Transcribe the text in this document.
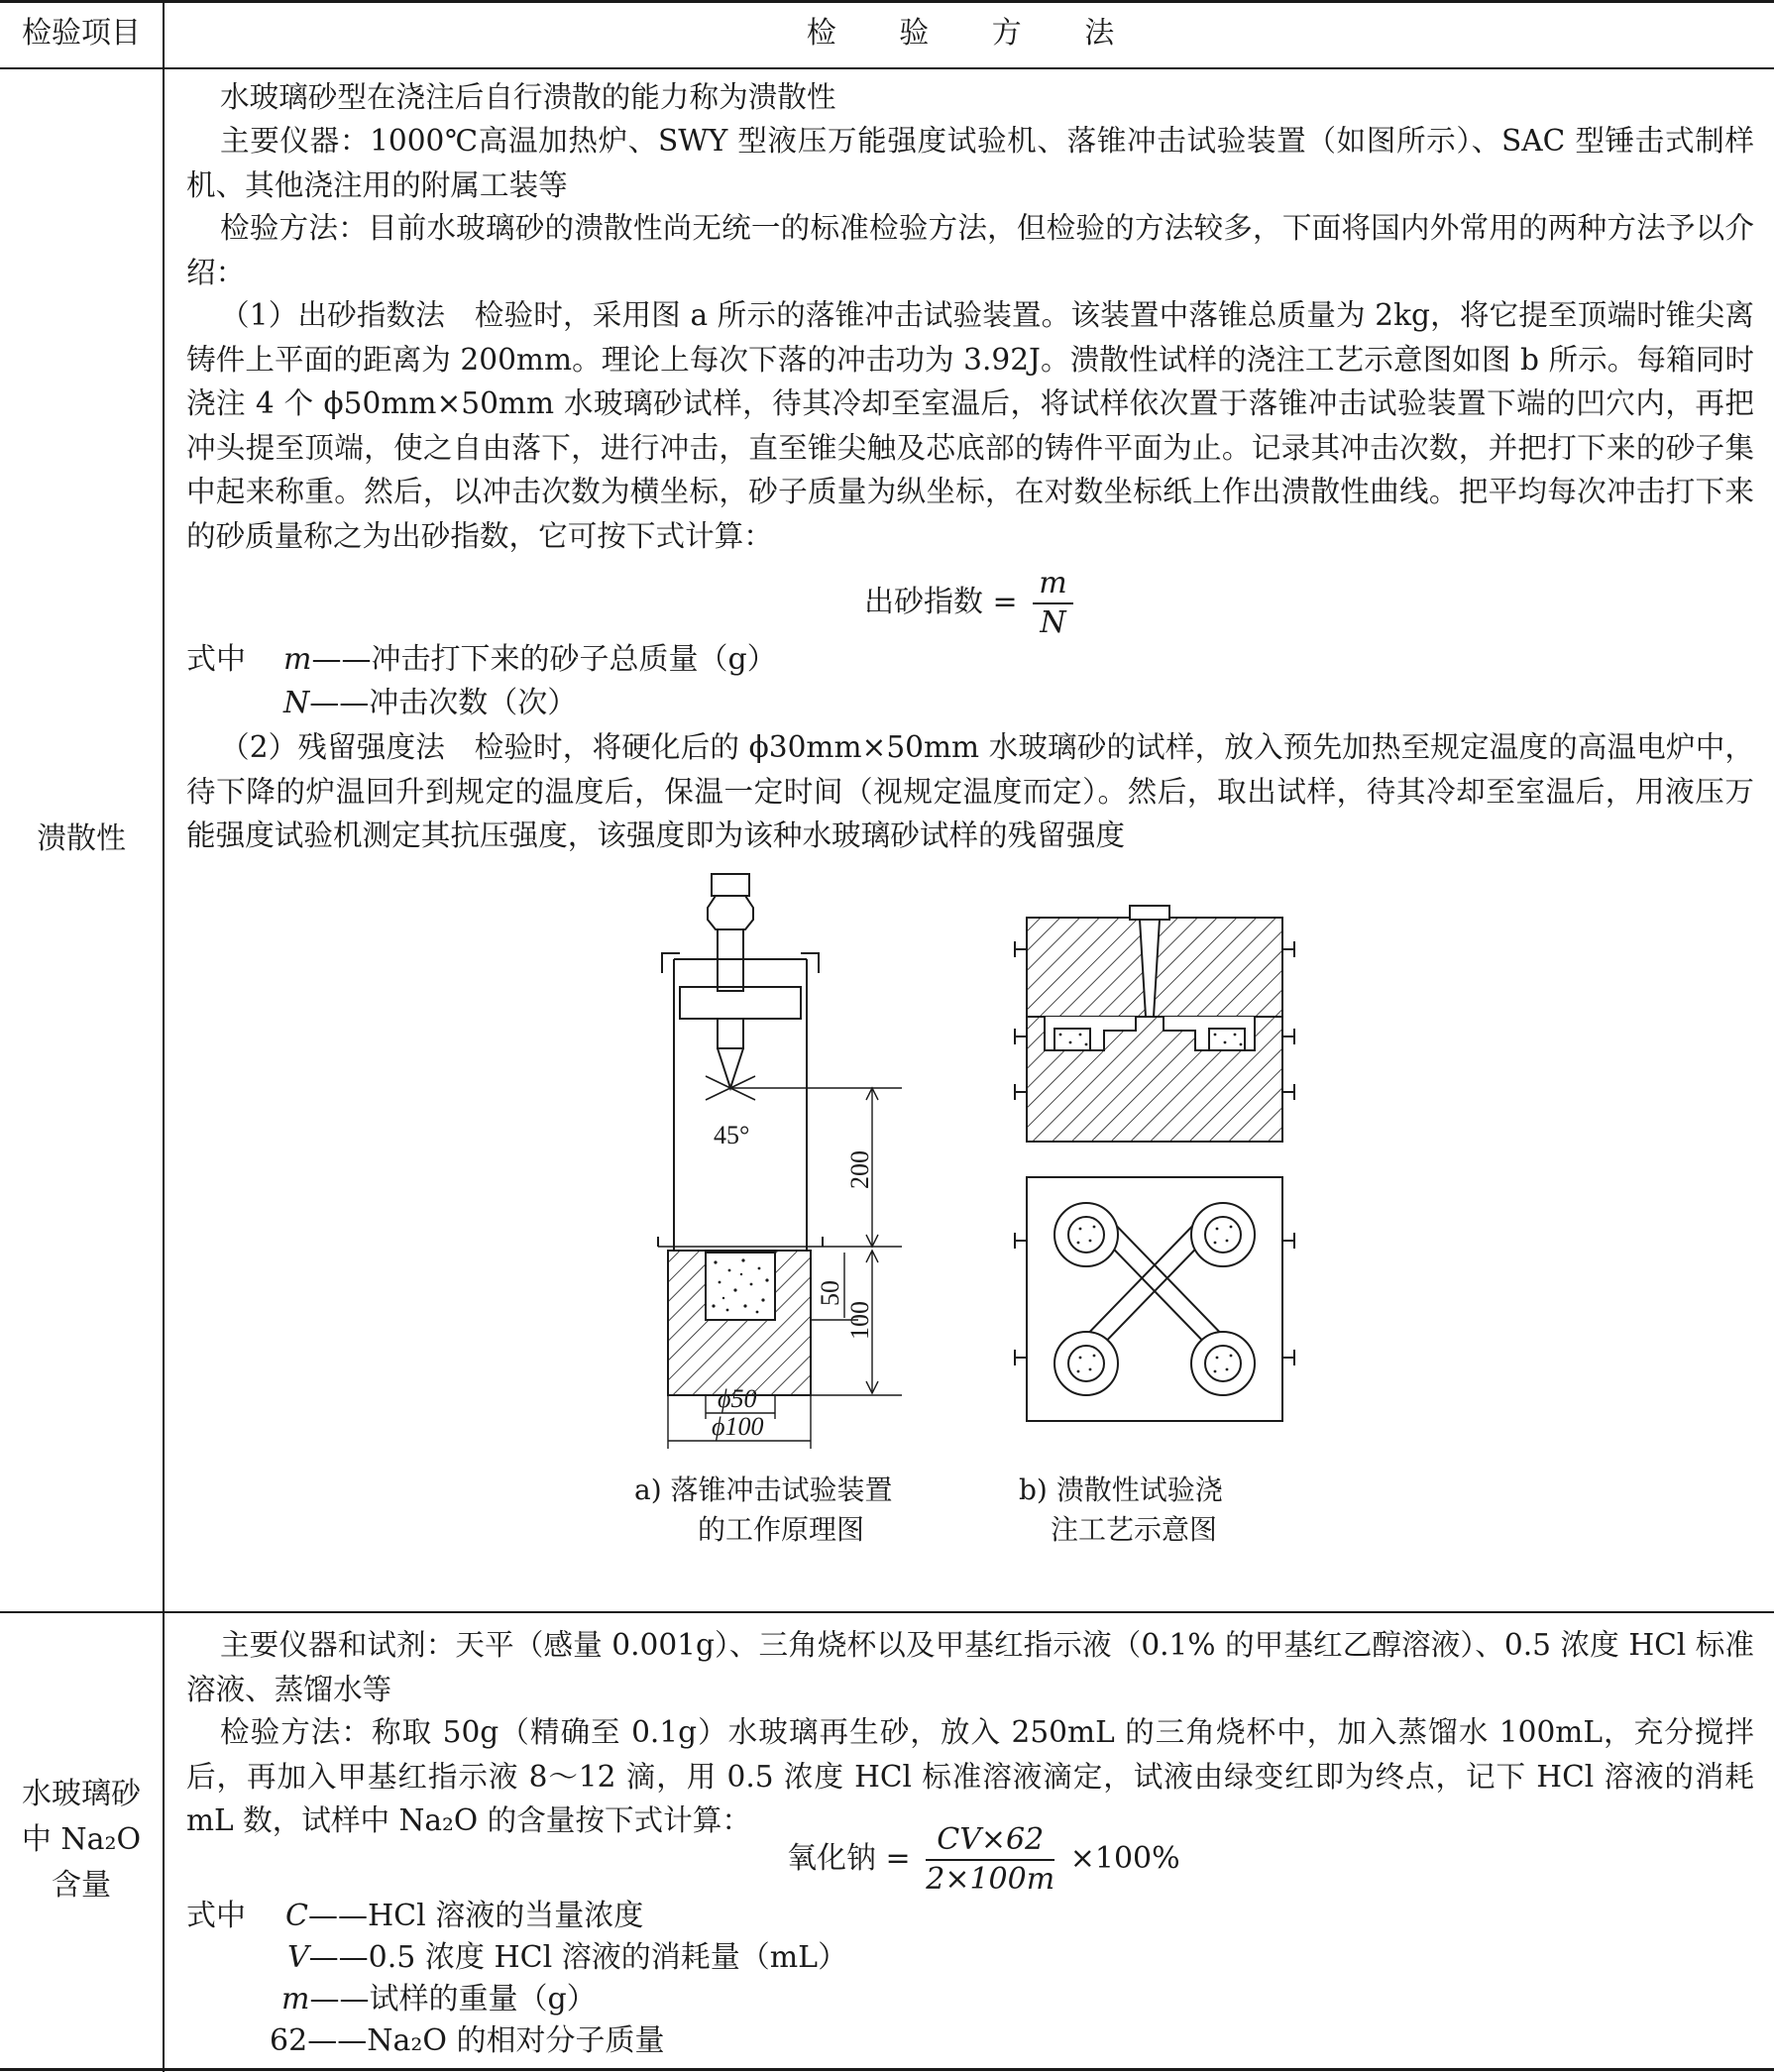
检验项目	检 验 方 法
溃散性
水玻璃砂型在浇注后自行溃散的能力称为溃散性
主要仪器：1000℃高温加热炉、SWY 型液压万能强度试验机、落锥冲击试验装置（如图所示）、SAC 型锤击式制样机、其他浇注用的附属工装等
检验方法：目前水玻璃砂的溃散性尚无统一的标准检验方法，但检验的方法较多，下面将国内外常用的两种方法予以介绍：
（1）出砂指数法　检验时，采用图 a 所示的落锥冲击试验装置。该装置中落锥总质量为 2kg，将它提至顶端时锥尖离铸件上平面的距离为 200mm。理论上每次下落的冲击功为 3.92J。溃散性试样的浇注工艺示意图如图 b 所示。每箱同时浇注 4 个 ϕ50mm×50mm 水玻璃砂试样，待其冷却至室温后，将试样依次置于落锥冲击试验装置下端的凹穴内，再把冲头提至顶端，使之自由落下，进行冲击，直至锥尖触及芯底部的铸件平面为止。记录其冲击次数，并把打下来的砂子集中起来称重。然后，以冲击次数为横坐标，砂子质量为纵坐标，在对数坐标纸上作出溃散性曲线。把平均每次冲击打下来的砂质量称之为出砂指数，它可按下式计算：
出砂指数 = $\frac{m}{N}$
式中 m——冲击打下来的砂子总质量（g）
N——冲击次数（次）
（2）残留强度法　检验时，将硬化后的 ϕ30mm×50mm 水玻璃砂的试样，放入预先加热至规定温度的高温电炉中，待下降的炉温回升到规定的温度后，保温一定时间（视规定温度而定）。然后，取出试样，待其冷却至室温后，用液压万能强度试验机测定其抗压强度，该强度即为该种水玻璃砂试样的残留强度
45°
200
50
100
ϕ50
ϕ100
a) 落锥冲击试验装置
的工作原理图
b) 溃散性试验浇
注工艺示意图
水玻璃砂
中 Na₂O
含量
主要仪器和试剂：天平（感量 0.001g）、三角烧杯以及甲基红指示液（0.1% 的甲基红乙醇溶液）、0.5 浓度 HCl 标准溶液、蒸馏水等
检验方法：称取 50g（精确至 0.1g）水玻璃再生砂，放入 250mL 的三角烧杯中，加入蒸馏水 100mL，充分搅拌后，再加入甲基红指示液 8～12 滴，用 0.5 浓度 HCl 标准溶液滴定，试液由绿变红即为终点，记下 HCl 溶液的消耗 mL 数，试样中 Na₂O 的含量按下式计算：
氧化钠 = $\frac{CV\times 62}{2\times 100m} \times 100\%$
式中 C——HCl 溶液的当量浓度
V——0.5 浓度 HCl 溶液的消耗量（mL）
m——试样的重量（g）
62——Na₂O 的相对分子质量
